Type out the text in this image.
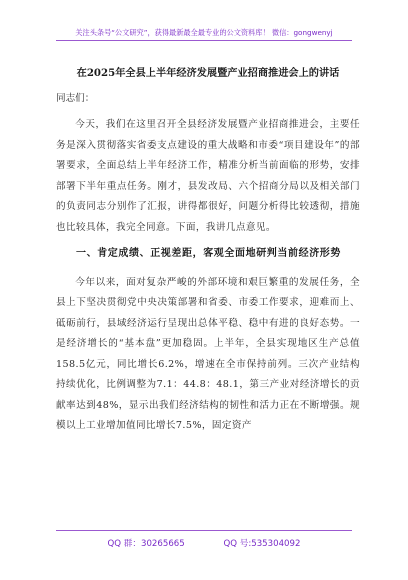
关注头条号“公文研究”，获得最新最全最专业的公文资料库！ 微信：gongwenyj
在2025年全县上半年经济发展暨产业招商推进会上的讲话

同志们：

今天，我们在这里召开全县经济发展暨产业招商推进会，主要任务是深入贯彻落实省委支点建设的重大战略和市委“项目建设年”的部署要求，全面总结上半年经济工作，精准分析当前面临的形势，安排部署下半年重点任务。刚才，县发改局、六个招商分局以及相关部门的负责同志分别作了汇报，讲得都很好，问题分析得比较透彻，措施也比较具体，我完全同意。下面，我讲几点意见。

一、肯定成绩、正视差距，客观全面地研判当前经济形势

今年以来，面对复杂严峻的外部环境和艰巨繁重的发展任务，全县上下坚决贯彻党中央决策部署和省委、市委工作要求，迎难而上、砥砺前行，县域经济运行呈现出总体平稳、稳中有进的良好态势。一是经济增长的“基本盘”更加稳固。上半年，全县实现地区生产总值158.5亿元，同比增长6.2%，增速在全市保持前列。三次产业结构持续优化，比例调整为7.1：44.8：48.1，第三产业对经济增长的贡献率达到48%，显示出我们经济结构的韧性和活力正在不断增强。规模以上工业增加值同比增长7.5%，固定资产

QQ 群：30265665	QQ 号:535304092
